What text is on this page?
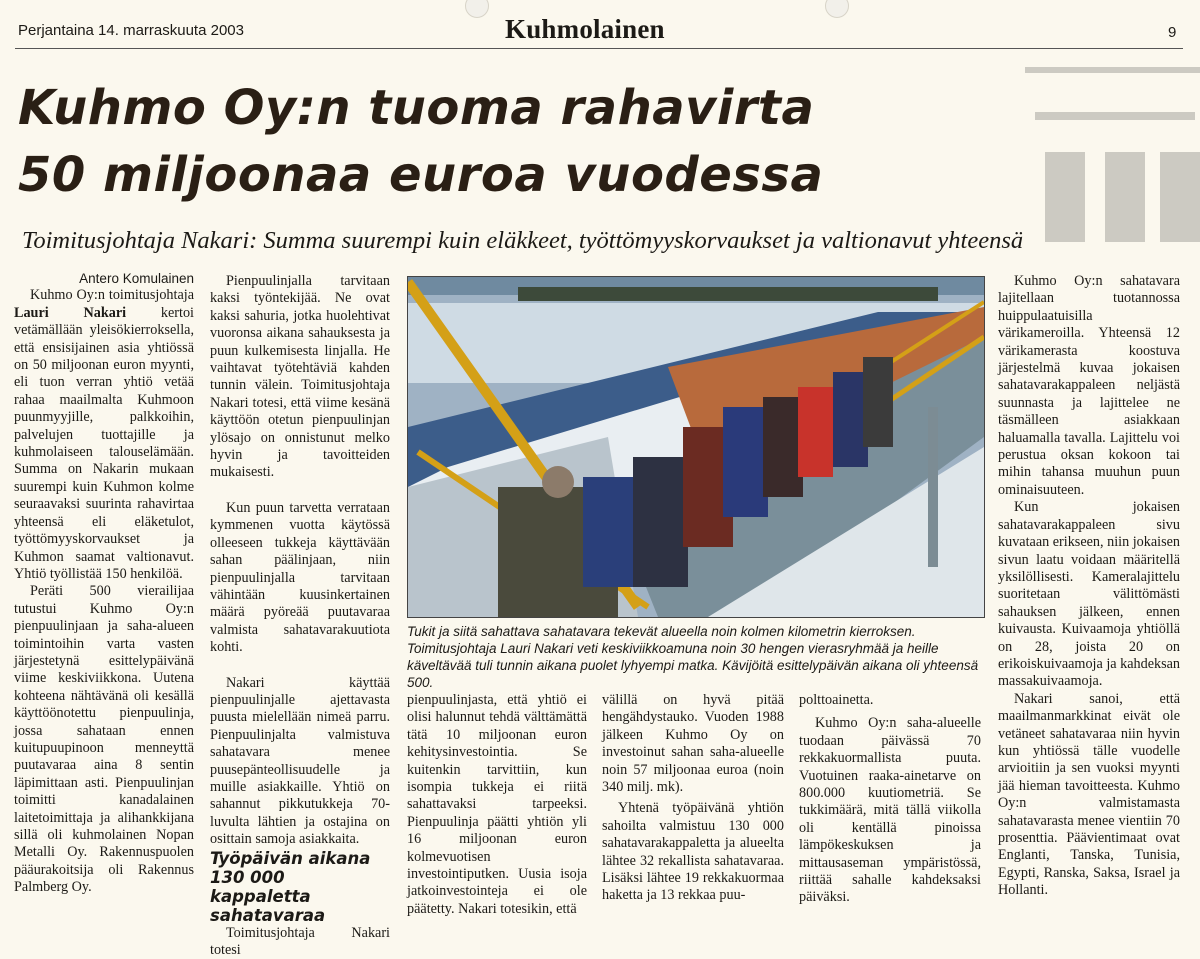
Perjantaina 14. marraskuuta 2003	Kuhmolainen	9
Kuhmo Oy:n tuoma rahavirta
50 miljoonaa euroa vuodessa
Toimitusjohtaja Nakari: Summa suurempi kuin eläkkeet, työttömyyskorvaukset ja valtionavut yhteensä

Antero Komulainen

Kuhmo Oy:n toimitusjohtaja Lauri Nakari kertoi vetämällään yleisökierroksella, että ensisijainen asia yhtiössä on 50 miljoonan euron myynti, eli tuon verran yhtiö vetää rahaa maailmalta Kuhmoon puunmyyjille, palkkoihin, palvelujen tuottajille ja kuhmolaiseen talouselämään. Summa on Nakarin mukaan suurempi kuin Kuhmon kolme seuraavaksi suurinta rahavirtaa yhteensä eli eläketulot, työttömyyskorvaukset ja Kuhmon saamat valtionavut. Yhtiö työllistää 150 henkilöä.

Peräti 500 vierailijaa tutustui Kuhmo Oy:n pienpuulinjaan ja saha-alueen toimintoihin varta vasten järjestetynä esittelypäivänä viime keskiviikkona. Uutena kohteena nähtävänä oli kesällä käyttöönotettu pienpuulinja, jossa sahataan ennen kuitupuupinoon menneyttä puutavaraa aina 8 sentin läpimittaan asti. Pienpuulinjan toimitti kanadalainen laitetoimittaja ja alihankkijana sillä oli kuhmolainen Nopan Metalli Oy. Rakennuspuolen pääurakoitsija oli Rakennus Palmberg Oy.

Pienpuulinjalla tarvitaan kaksi työntekijää. Ne ovat kaksi sahuria, jotka huolehtivat vuoronsa aikana sahauksesta ja puun kulkemisesta linjalla. He vaihtavat työtehtäviä kahden tunnin välein. Toimitusjohtaja Nakari totesi, että viime kesänä käyttöön otetun pienpuulinjan ylösajo on onnistunut melko hyvin ja tavoitteiden mukaisesti.

Kun puun tarvetta verrataan kymmenen vuotta käytössä olleeseen tukkeja käyttävään sahan päälinjaan, niin pienpuulinjalla tarvitaan vähintään kuusinkertainen määrä pyöreää puutavaraa valmista sahatavarakuutiota kohti.

Nakari käyttää pienpuulinjalle ajettavasta puusta mielellään nimeä parru. Pienpuulinjalta valmistuva sahatavara menee puusepänteollisuudelle ja muille asiakkaille. Yhtiö on sahannut pikkutukkeja 70-luvulta lähtien ja ostajina on osittain samoja asiakkaita.

Työpäivän aikana 130 000 kappaletta sahatavaraa

Toimitusjohtaja Nakari totesi

Tukit ja siitä sahattava sahatavara tekevät alueella noin kolmen kilometrin kierroksen. Toimitusjohtaja Lauri Nakari veti keskiviikkoamuna noin 30 hengen vierasryhmää ja heille käveltävää tuli tunnin aikana puolet lyhyempi matka. Kävijöitä esittelypäivän aikana oli yhteensä 500.

pienpuulinjasta, että yhtiö ei olisi halunnut tehdä välttämättä tätä 10 miljoonan euron kehitysinvestointia. Se kuitenkin tarvittiin, kun isompia tukkeja ei riitä sahattavaksi tarpeeksi. Pienpuulinja päätti yhtiön yli 16 miljoonan euron kolmevuotisen investointiputken. Uusia isoja jatkoinvestointeja ei ole päätetty. Nakari totesikin, että

välillä on hyvä pitää hengähdystauko. Vuoden 1988 jälkeen Kuhmo Oy on investoinut sahan saha-alueelle noin 57 miljoonaa euroa (noin 340 milj. mk).

Yhtenä työpäivänä yhtiön sahoilta valmistuu 130 000 sahatavarakappaletta ja alueelta lähtee 32 rekallista sahatavaraa. Lisäksi lähtee 19 rekkakuormaa haketta ja 13 rekkaa puu-

polttoainetta.

Kuhmo Oy:n saha-alueelle tuodaan päivässä 70 rekkakuormallista puuta. Vuotuinen raaka-ainetarve on 800.000 kuutiometriä. Se tukkimäärä, mitä tällä viikolla oli kentällä pinoissa lämpökeskuksen ja mittausaseman ympäristössä, riittää sahalle kahdeksaksi päiväksi.

Kuhmo Oy:n sahatavara lajitellaan tuotannossa huippulaatuisilla värikameroilla. Yhteensä 12 värikamerasta koostuva järjestelmä kuvaa jokaisen sahatavarakappaleen neljästä suunnasta ja lajittelee ne täsmälleen asiakkaan haluamalla tavalla. Lajittelu voi perustua oksan kokoon tai mihin tahansa muuhun puun ominaisuuteen.

Kun jokaisen sahatavarakappaleen sivu kuvataan erikseen, niin jokaisen sivun laatu voidaan määritellä yksilöllisesti. Kameralajittelu suoritetaan välittömästi sahauksen jälkeen, ennen kuivausta. Kuivaamoja yhtiöllä on 28, joista 20 on erikoiskuivaamoja ja kahdeksan massakuivaamoja.

Nakari sanoi, että maailmanmarkkinat eivät ole vetäneet sahatavaraa niin hyvin kun yhtiössä tälle vuodelle arvioitiin ja sen vuoksi myynti jää hieman tavoitteesta. Kuhmo Oy:n valmistamasta sahatavarasta menee vientiin 70 prosenttia. Päävientimaat ovat Englanti, Tanska, Tunisia, Egypti, Ranska, Saksa, Israel ja Hollanti.
